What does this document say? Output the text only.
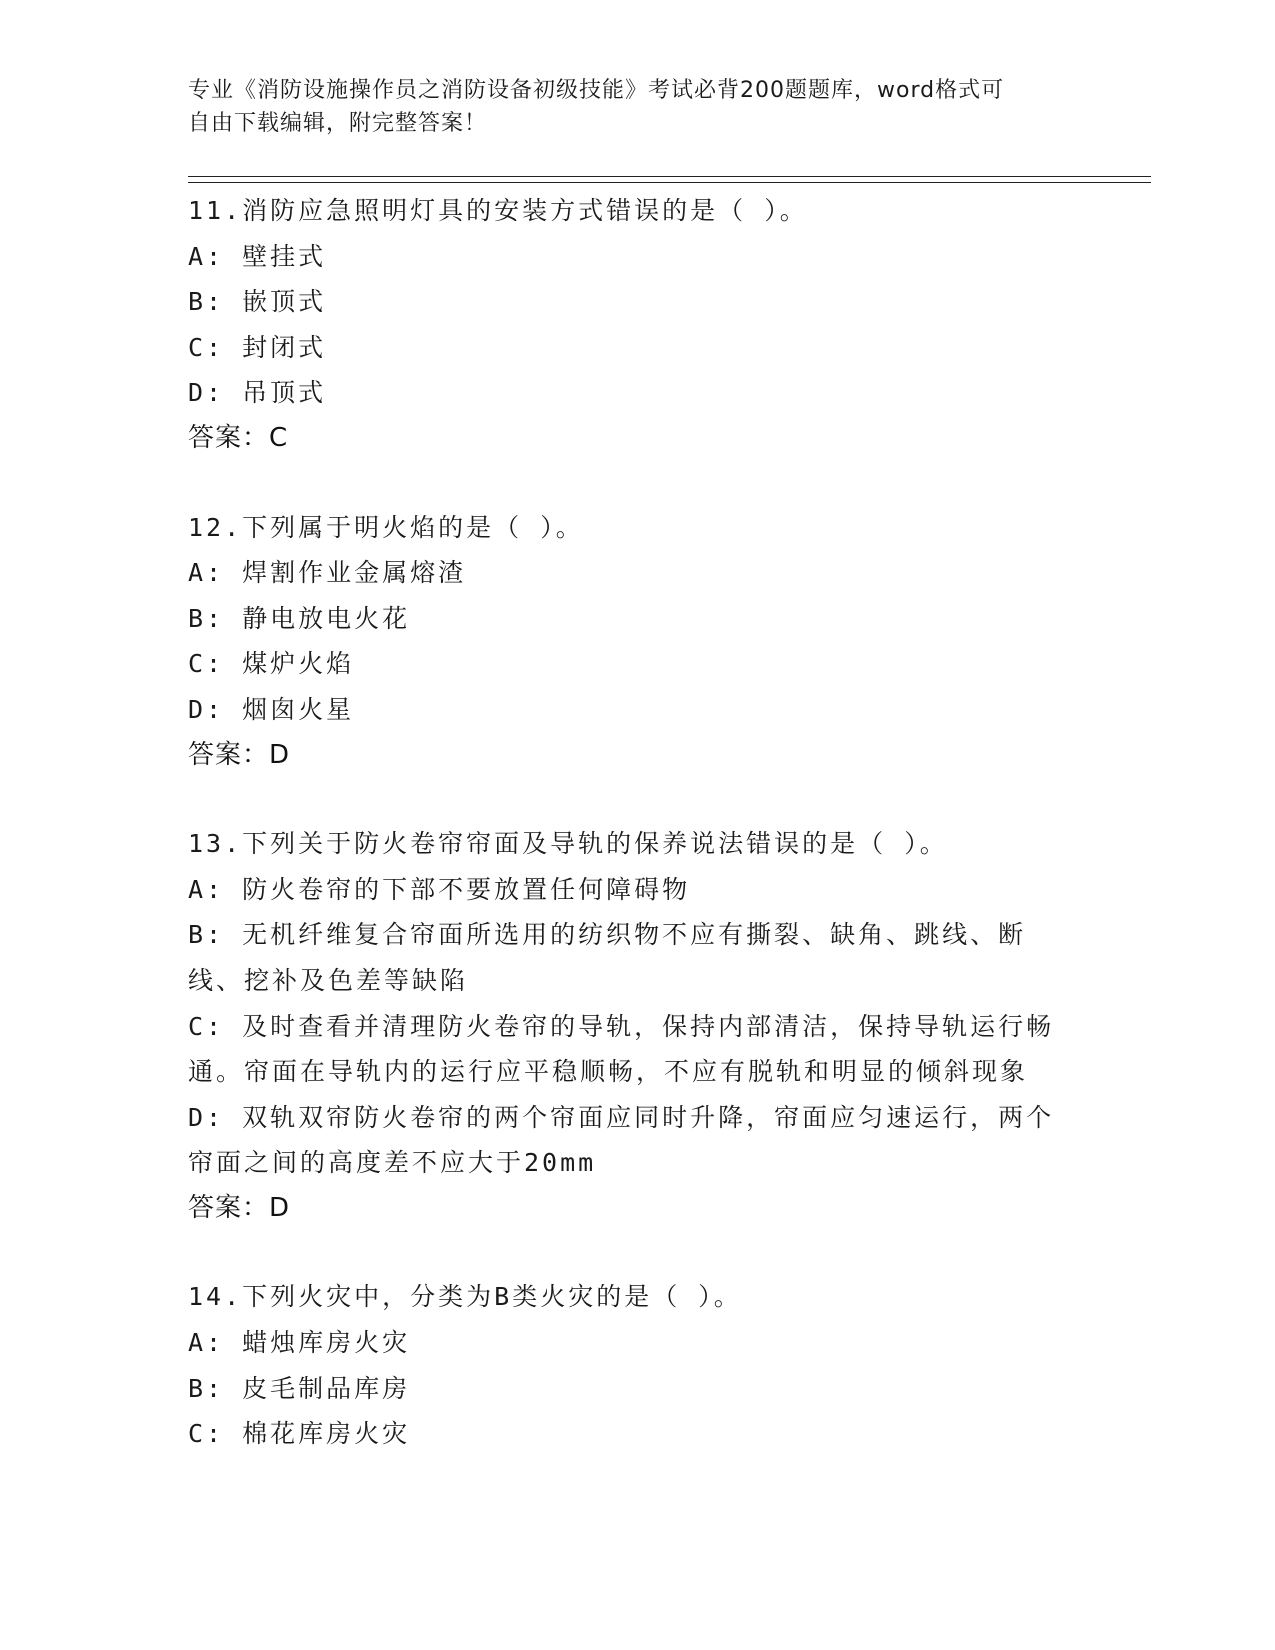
专业《消防设施操作员之消防设备初级技能》考试必背200题题库，word格式可
自由下载编辑，附完整答案！
11.消防应急照明灯具的安装方式错误的是（ ）。
A: 壁挂式
B: 嵌顶式
C: 封闭式
D: 吊顶式
答案：C
12.下列属于明火焰的是（ ）。
A: 焊割作业金属熔渣
B: 静电放电火花
C: 煤炉火焰
D: 烟囱火星
答案：D
13.下列关于防火卷帘帘面及导轨的保养说法错误的是（ ）。
A: 防火卷帘的下部不要放置任何障碍物
B: 无机纤维复合帘面所选用的纺织物不应有撕裂、缺角、跳线、断线、挖补及色差等缺陷
C: 及时查看并清理防火卷帘的导轨，保持内部清洁，保持导轨运行畅通。帘面在导轨内的运行应平稳顺畅，不应有脱轨和明显的倾斜现象
D: 双轨双帘防火卷帘的两个帘面应同时升降，帘面应匀速运行，两个帘面之间的高度差不应大于20mm
答案：D
14.下列火灾中，分类为B类火灾的是（ ）。
A: 蜡烛库房火灾
B: 皮毛制品库房
C: 棉花库房火灾
